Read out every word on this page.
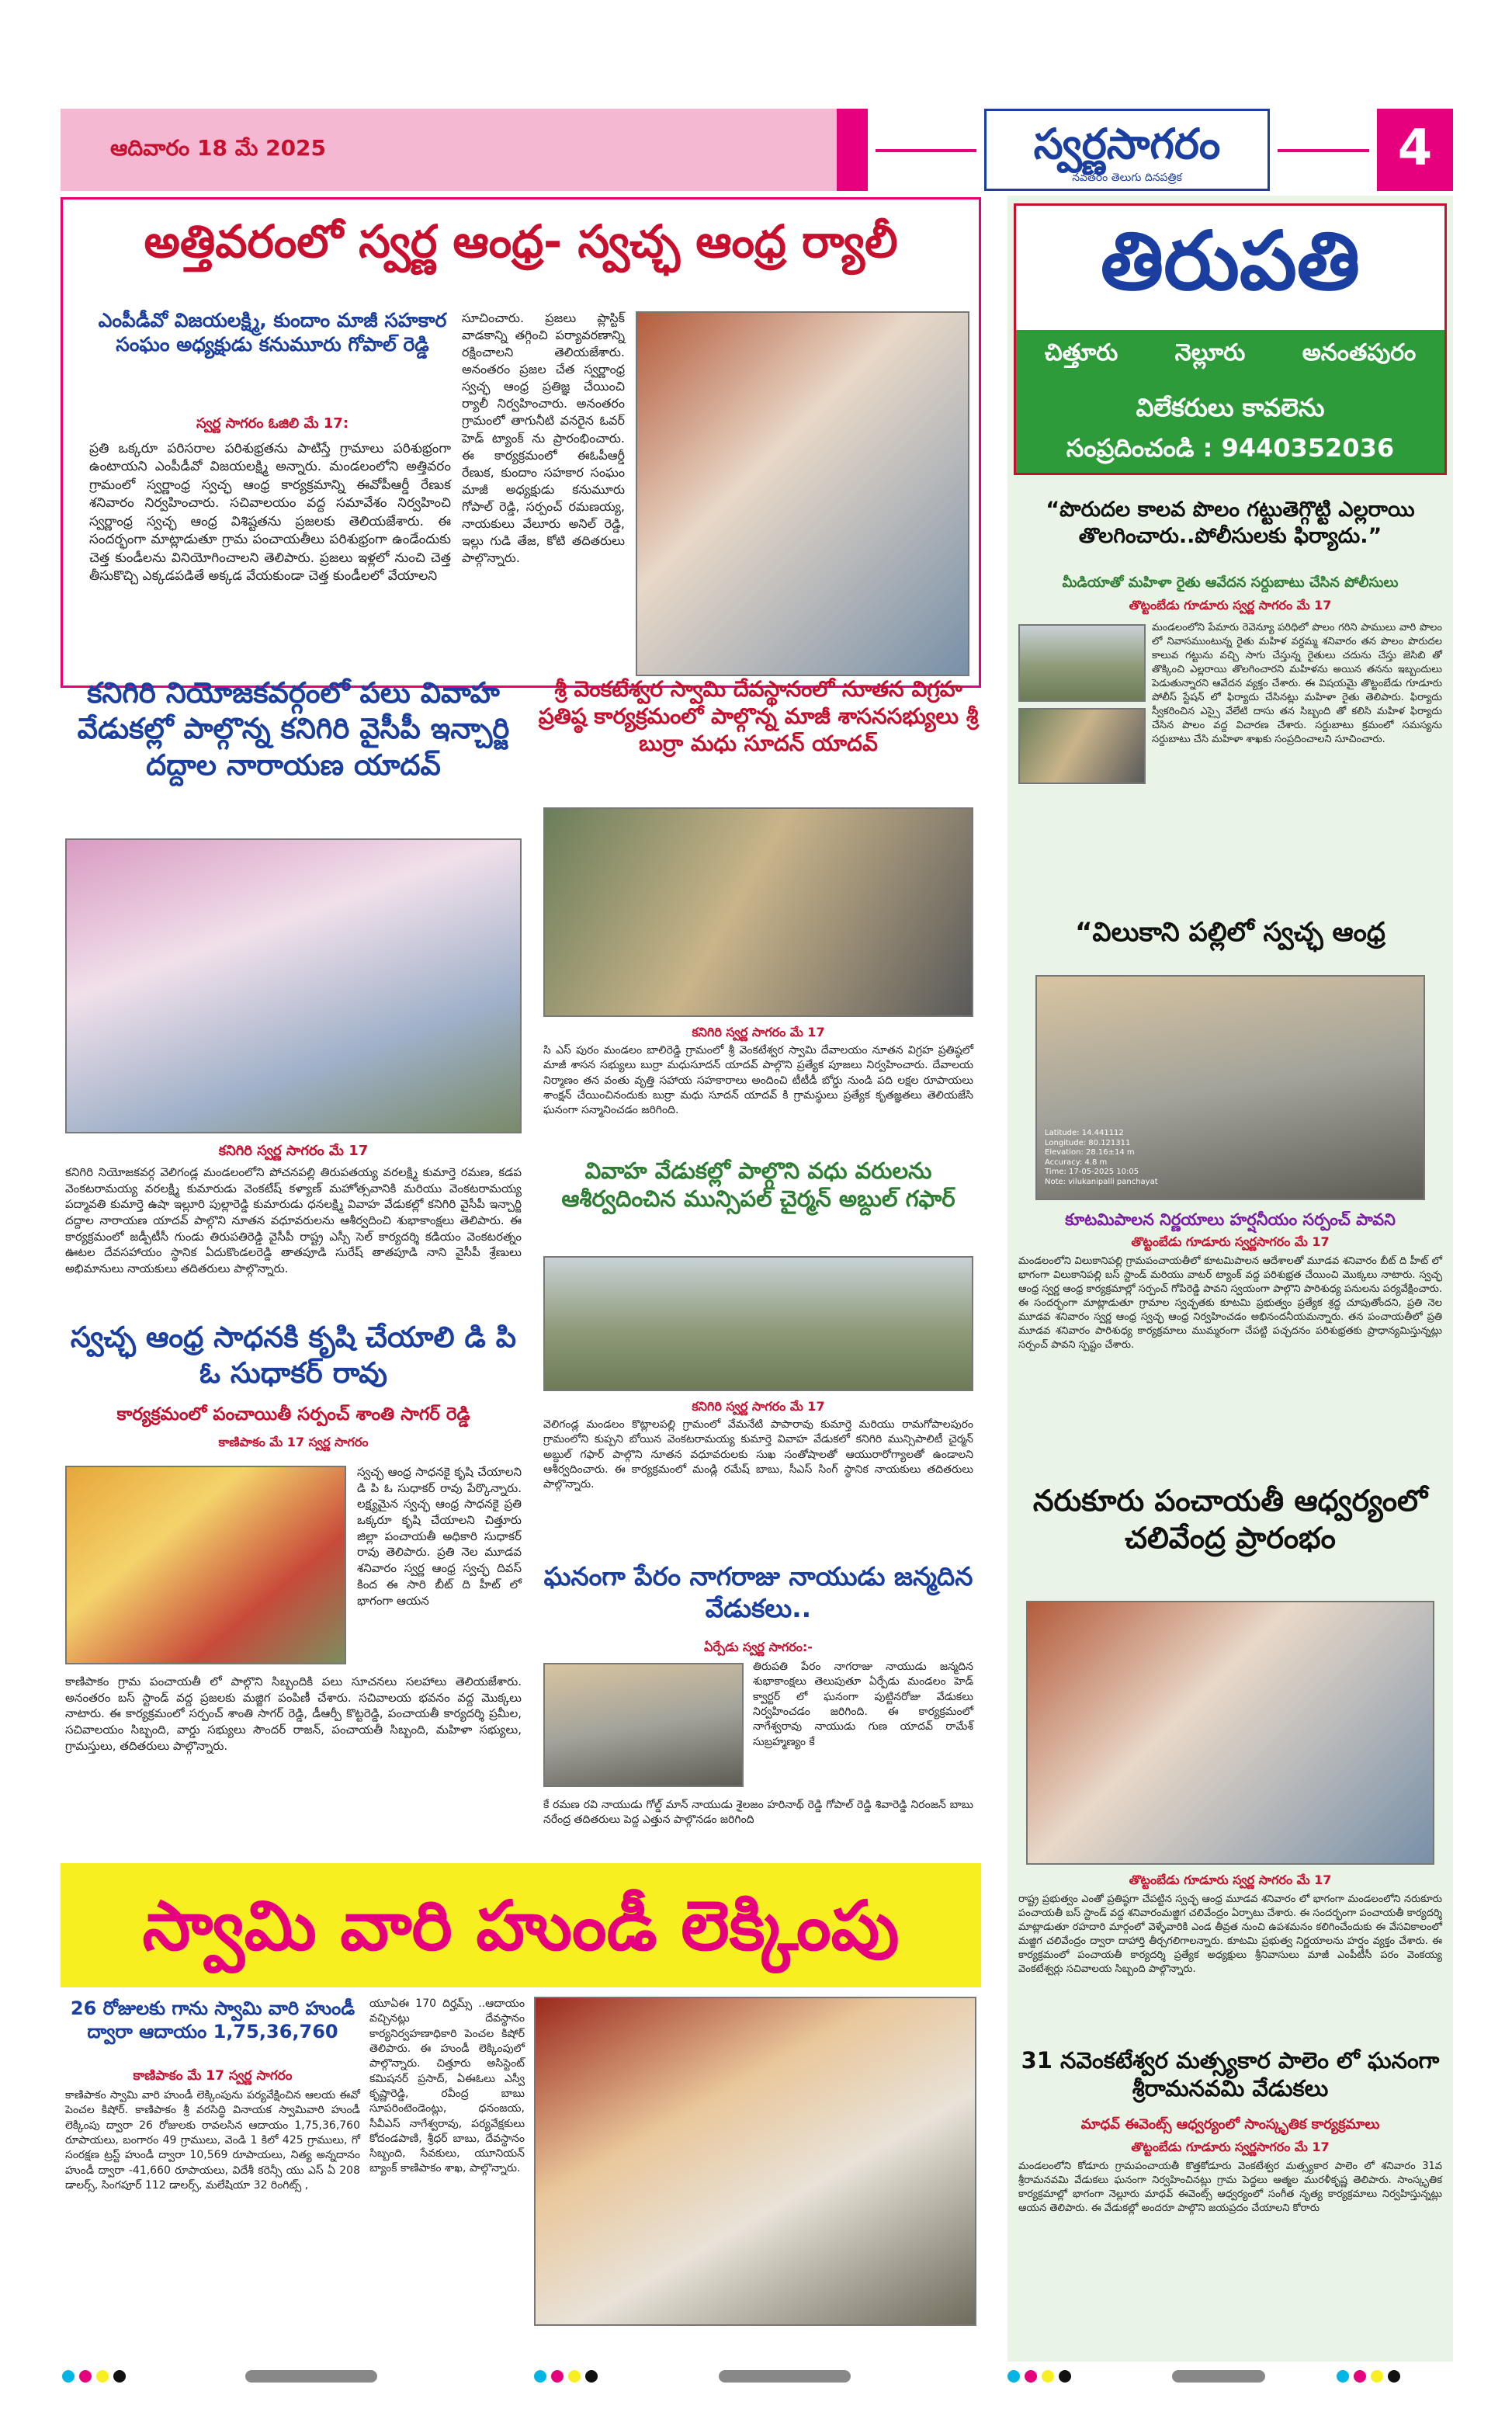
ఆదివారం 18 మే 2025	స్వర్ణసాగరం
నవతరం తెలుగు దినపత్రిక
4
అత్తివరంలో స్వర్ణ ఆంధ్ర- స్వచ్ఛ ఆంధ్ర ర్యాలీ
ఎంపీడీవో విజయలక్ష్మి, కుందాం మాజీ సహకార సంఘం అధ్యక్షుడు కనుమూరు గోపాల్ రెడ్డి
స్వర్ణ సాగరం ఓజిలి మే 17:
ప్రతి ఒక్కరూ పరిసరాల పరిశుభ్రతను పాటిస్తే గ్రామాలు పరిశుభ్రంగా ఉంటాయని ఎంపీడీవో విజయలక్ష్మి అన్నారు. మండలంలోని అత్తివరం గ్రామంలో స్వర్ణాంధ్ర స్వచ్ఛ ఆంధ్ర కార్యక్రమాన్ని ఈవోపీఆర్డీ రేణుక శనివారం నిర్వహించారు. సచివాలయం వద్ద సమావేశం నిర్వహించి స్వర్ణాంధ్ర స్వచ్ఛ ఆంధ్ర విశిష్టతను ప్రజలకు తెలియజేశారు. ఈ సందర్భంగా మాట్లాడుతూ గ్రామ పంచాయతీలు పరిశుభ్రంగా ఉండేందుకు చెత్త కుండీలను వినియోగించాలని తెలిపారు. ప్రజలు ఇళ్లలో నుంచి చెత్త తీసుకొచ్చి ఎక్కడపడితే అక్కడ వేయకుండా చెత్త కుండీలలో వేయాలని
సూచించారు. ప్రజలు ప్లాస్టిక్ వాడకాన్ని తగ్గించి పర్యావరణాన్ని రక్షించాలని తెలియజేశారు. అనంతరం ప్రజల చేత స్వర్ణాంధ్ర స్వచ్ఛ ఆంధ్ర ప్రతిజ్ఞ చేయించి ర్యాలీ నిర్వహించారు. అనంతరం గ్రామంలో తాగునీటి వనరైన ఓవర్ హెడ్ ట్యాంక్ ను ప్రారంభించారు. ఈ కార్యక్రమంలో ఈఓపీఆర్డీ రేణుక, కుందాం సహకార సంఘం మాజీ అధ్యక్షుడు కనుమూరు గోపాల్ రెడ్డి, సర్పంచ్ రమణయ్య, నాయకులు వేలూరు అనిల్ రెడ్డి, ఇల్లు గుడి తేజ, కోటి తదితరులు పాల్గొన్నారు.
కనిగిరి నియోజకవర్గంలో పలు వివాహ వేడుకల్లో పాల్గొన్న కనిగిరి వైసీపీ ఇన్చార్జి దద్దాల నారాయణ యాదవ్
కనిగిరి స్వర్ణ సాగరం మే 17
కనిగిరి నియోజకవర్గ వెలిగండ్ల మండలంలోని పోచనపల్లి తిరుపతయ్య వరలక్ష్మి కుమార్తె రమణ, కడప వెంకటరామయ్య వరలక్ష్మి కుమారుడు వెంకటేష్ కళ్యాణ్ మహోత్సవానికి మరియు వెంకటరామయ్య పద్మావతి కుమార్తె ఉషా ఇల్లూరి పుల్లారెడ్డి కుమారుడు ధనలక్ష్మి వివాహ వేడుకల్లో కనిగిరి వైసీపీ ఇన్చార్జి దద్దాల నారాయణ యాదవ్ పాల్గొని నూతన వధూవరులను ఆశీర్వదించి శుభాకాంక్షలు తెలిపారు. ఈ కార్యక్రమంలో జడ్పీటీసీ గుండు తిరుపతిరెడ్డి వైసీపీ రాష్ట్ర ఎస్సీ సెల్ కార్యదర్శి కడియం వెంకటరత్నం ఊటల దేవసహాయం స్థానిక ఏదుకొండలరెడ్డి తాతపూడి సురేష్ తాతపూడి నాని వైసీపీ శ్రేణులు అభిమానులు నాయకులు తదితరులు పాల్గొన్నారు.
స్వచ్ఛ ఆంధ్ర సాధనకి కృషి చేయాలి డి పి ఓ సుధాకర్ రావు
కార్యక్రమంలో పంచాయితీ సర్పంచ్ శాంతి సాగర్ రెడ్డి
కాణిపాకం మే 17 స్వర్ణ సాగరం
స్వచ్ఛ ఆంధ్ర సాధనకై కృషి చేయాలని డి పి ఓ సుధాకర్ రావు పేర్కొన్నారు. లక్ష్యమైన స్వచ్ఛ ఆంధ్ర సాధనకై ప్రతి ఒక్కరూ కృషి చేయాలని చిత్తూరు జిల్లా పంచాయతీ అధికారి సుధాకర్ రావు తెలిపారు. ప్రతి నెల మూడవ శనివారం స్వర్ణ ఆంధ్ర స్వచ్ఛ దివస్ కింద ఈ సారి బీట్ ది హీట్ లో భాగంగా ఆయన
కాణిపాకం గ్రామ పంచాయతీ లో పాల్గొని సిబ్బందికి పలు సూచనలు సలహాలు తెలియజేశారు. అనంతరం బస్ స్టాండ్ వద్ద ప్రజలకు మజ్జిగ పంపిణీ చేశారు. సచివాలయ భవనం వద్ద మొక్కలు నాటారు. ఈ కార్యక్రమంలో సర్పంచ్ శాంతి సాగర్ రెడ్డి, డీఆర్పీ కొట్టరెడ్డి, పంచాయతీ కార్యదర్శి ప్రమీల, సచివాలయం సిబ్బంది, వార్డు సభ్యులు సౌందర్ రాజన్, పంచాయతీ సిబ్బంది, మహిళా సభ్యులు, గ్రామస్తులు, తదితరులు పాల్గొన్నారు.
శ్రీ వెంకటేశ్వర స్వామి దేవస్థానంలో నూతన విగ్రహ ప్రతిష్ఠ కార్యక్రమంలో పాల్గొన్న మాజీ శాసనసభ్యులు శ్రీ బుర్రా మధు సూదన్ యాదవ్
కనిగిరి స్వర్ణ సాగరం మే 17
సి ఎస్ పురం మండలం బాలిరెడ్డి గ్రామంలో శ్రీ వెంకటేశ్వర స్వామి దేవాలయం నూతన విగ్రహ ప్రతిష్ఠలో మాజీ శాసన సభ్యులు బుర్రా మధుసూదన్ యాదవ్ పాల్గొని ప్రత్యేక పూజలు నిర్వహించారు. దేవాలయ నిర్మాణం తన వంతు వృత్తి సహాయ సహకారాలు అందించి టీటీడీ బోర్డు నుండి పది లక్షల రూపాయలు శాంక్షన్ చేయించినందుకు బుర్రా మధు సూదన్ యాదవ్ కి గ్రామస్థులు ప్రత్యేక కృతజ్ఞతలు తెలియజేసి ఘనంగా సన్మానించడం జరిగింది.
వివాహ వేడుకల్లో పాల్గొని వధు వరులను ఆశీర్వదించిన మున్సిపల్ చైర్మన్ అబ్దుల్ గఫార్
కనిగిరి స్వర్ణ సాగరం మే 17
వెలిగండ్ల మండలం కొట్లాలపల్లి గ్రామంలో వేమనేటి పాపారావు కుమార్తె మరియు రామగోపాలపురం గ్రామంలోని కుప్పని బోయిన వెంకటరామయ్య కుమార్తె వివాహ వేడుకలో కనిగిరి మున్సిపాలిటీ చైర్మన్ అబ్దుల్ గఫార్ పాల్గొని నూతన వధూవరులకు సుఖ సంతోషాలతో ఆయురారోగ్యాలతో ఉండాలని ఆశీర్వదించారు. ఈ కార్యక్రమంలో మండ్లి రమేష్ బాబు, సీఎస్ సింగ్ స్థానిక నాయకులు తదితరులు పాల్గొన్నారు.
ఘనంగా పేరం నాగరాజు నాయుడు జన్మదిన వేడుకలు..
ఏర్పేడు స్వర్ణ సాగరం:-
తిరుపతి పేరం నాగరాజు నాయుడు జన్మదిన శుభాకాంక్షలు తెలుపుతూ ఏర్పేడు మండలం హెడ్ క్వార్టర్ లో ఘనంగా పుట్టినరోజు వేడుకలు నిర్వహించడం జరిగింది. ఈ కార్యక్రమంలో నాగేశ్వరావు నాయుడు గుణ యాదవ్ రామేశ్ సుబ్రహ్మణ్యం కే
కే రమణ రవి నాయుడు గోల్డ్ మాన్ నాయుడు శైలజం హరినాథ్ రెడ్డి గోపాల్ రెడ్డి శివారెడ్డి నిరంజన్ బాబు నరేంద్ర తదితరులు పెద్ద ఎత్తున పాల్గొనడం జరిగింది
స్వామి వారి హుండీ లెక్కింపు
26 రోజులకు గాను స్వామి వారి హుండీ ద్వారా ఆదాయం 1,75,36,760
కాణిపాకం మే 17 స్వర్ణ సాగరం
కాణిపాకం స్వామి వారి హుండీ లెక్కింపును పర్యవేక్షించిన ఆలయ ఈవో పెంచల కిషోర్. కాణిపాకం శ్రీ వరసిద్ధి వినాయక స్వామివారి హుండీ లెక్కింపు ద్వారా 26 రోజులకు రావలసిన ఆదాయం 1,75,36,760 రూపాయలు, బంగారం 49 గ్రాములు, వెండి 1 కిలో 425 గ్రాములు, గో సంరక్షణ ట్రస్ట్ హుండీ ద్వారా 10,569 రూపాయలు, నిత్య అన్నదానం హుండీ ద్వారా -41,660 రూపాయలు, విదేశీ కరెన్సీ యు ఎస్ ఏ 208 డాలర్స్, సింగపూర్ 112 డాలర్స్, మలేషియా 32 రింగిట్స్ ,
యూఏఈ 170 దిర్హమ్స్ ..ఆదాయం వచ్చినట్లు దేవస్థానం కార్యనిర్వహణాధికారి పెంచల కిషోర్ తెలిపారు. ఈ హుండీ లెక్కింపులో పాల్గొన్నారు. చిత్తూరు అసిస్టెంట్ కమిషనర్ ప్రసాద్, ఏఈఓలు ఎస్వీ కృష్ణారెడ్డి, రవీంద్ర బాబు సూపరింటెండెంట్లు, ధనంజయ, సీవీఎస్ నాగేశ్వరావు, పర్యవేక్షకులు కోదండపాణి, శ్రీధర్ బాబు, దేవస్థానం సిబ్బంది, సేవకులు, యూనియన్ బ్యాంక్ కాణిపాకం శాఖ, పాల్గొన్నారు.
తిరుపతి
చిత్తూరు నెల్లూరు అనంతపురం
విలేకరులు కావలెను
సంప్రదించండి : 9440352036
“పొరుదల కాలవ పొలం గట్టుతెగ్గొట్టి ఎల్లరాయి తొలగించారు..పోలీసులకు ఫిర్యాదు.”
మీడియాతో మహిళా రైతు ఆవేదన సర్దుబాటు చేసిన పోలీసులు
తొట్టంబేడు గూడూరు స్వర్ణ సాగరం మే 17
మండలంలోని పేమారు రెవెన్యూ పరిధిలో పొలం గరిని పాములు వారి పొలం లో నివాసముంటున్న రైతు మహిళ వర్దమ్మ శనివారం తన పొలం పొరుదల కాలువ గట్టును వచ్చి సాగు చేస్తున్న రైతులు చదును చేస్తు జెసిబి తో తొక్కించి ఎల్లరాయి తొలగించారని మహిళను అయిన తనను ఇబ్బందులు పెడుతున్నారని ఆవేదన వ్యక్తం చేశారు. ఈ విషయమై తొట్టంబేడు గూడూరు పోలీస్ స్టేషన్ లో ఫిర్యాదు చేసినట్లు మహిళా రైతు తెలిపారు. ఫిర్యాదు స్వీకరించిన ఎస్సై వేలేటి దాసు తన సిబ్బంది తో కలిసి మహిళ ఫిర్యాదు చేసిన పొలం వద్ద విచారణ చేశారు. సర్దుబాటు క్రమంలో సమస్యను సర్దుబాటు చేసి మహిళా శాఖకు సంప్రదించాలని సూచించారు.
“విలుకాని పల్లిలో స్వచ్ఛ ఆంధ్ర
Latitude: 14.441112
Longitude: 80.121311
Elevation: 28.16±14 m
Accuracy: 4.8 m
Time: 17-05-2025 10:05
Note: vilukanipalli panchayat
కూటమిపాలన నిర్ణయాలు హర్షనీయం సర్పంచ్ పావని
తొట్టంబేడు గూడూరు స్వర్ణసాగరం మే 17
మండలంలోని విలుకానిపల్లి గ్రామపంచాయతీలో కూటమిపాలన ఆదేశాలతో మూడవ శనివారం బీట్ ది హీట్ లో భాగంగా విలుకానిపల్లి బస్ స్టాండ్ మరియు వాటర్ ట్యాంక్ వద్ద పరిశుభ్రత చేయించి మొక్కలు నాటారు. స్వచ్ఛ ఆంధ్ర స్వర్ణ ఆంధ్ర కార్యక్రమాల్లో సర్పంచ్ గోపిరెడ్డి పావని స్వయంగా పాల్గొని పారిశుధ్య పనులను పర్యవేక్షించారు. ఈ సందర్భంగా మాట్లాడుతూ గ్రామాల స్వచ్ఛతకు కూటమి ప్రభుత్వం ప్రత్యేక శ్రద్ధ చూపుతోందని, ప్రతి నెల మూడవ శనివారం స్వర్ణ ఆంధ్ర స్వచ్ఛ ఆంధ్ర నిర్వహించడం అభినందనీయమన్నారు. తన పంచాయతీలో ప్రతి మూడవ శనివారం పారిశుధ్య కార్యక్రమాలు ముమ్మరంగా చేపట్టి పచ్చదనం పరిశుభ్రతకు ప్రాధాన్యమిస్తున్నట్లు సర్పంచ్ పావని స్పష్టం చేశారు.
నరుకూరు పంచాయతీ ఆధ్వర్యంలో చలివేంద్ర ప్రారంభం
తొట్టంబేడు గూడూరు స్వర్ణ సాగరం మే 17
రాష్ట్ర ప్రభుత్వం ఎంతో ప్రతిష్ఠగా చేపట్టిన స్వచ్ఛ ఆంధ్ర మూడవ శనివారం లో భాగంగా మండలంలోని నరుకూరు పంచాయతీ బస్ స్టాండ్ వద్ద శనివారంమజ్జిగ చలివేంద్రం ఏర్పాటు చేశారు. ఈ సందర్భంగా పంచాయతీ కార్యదర్శి మాట్లాడుతూ రహదారి మార్గంలో వెళ్ళేవారికి ఎండ తీవ్రత నుంచి ఉపశమనం కలిగించేందుకు ఈ వేసవికాలంలో మజ్జిగ చలివేంద్రం ద్వారా దాహార్తి తీర్చగలిగాలన్నారు. కూటమి ప్రభుత్వ నిర్ణయాలను హర్షం వ్యక్తం చేశారు. ఈ కార్యక్రమంలో పంచాయతీ కార్యదర్శి ప్రత్యేక అధ్యక్షులు శ్రీనివాసులు మాజీ ఎంపీటీసీ పరం వెంకయ్య వెంకటేశ్వర్లు సచివాలయ సిబ్బంది పాల్గొన్నారు.
31 నవెంకటేశ్వర మత్స్యకార పాలెం లో ఘనంగా శ్రీరామనవమి వేడుకలు
మాధవ్ ఈవెంట్స్ ఆధ్వర్యంలో సాంస్కృతిక కార్యక్రమాలు
తొట్టంబేడు గూడూరు స్వర్ణసాగరం మే 17
మండలంలోని కోడూరు గ్రామపంచాయతీ కొత్తకోడూరు వెంకటేశ్వర మత్స్యకార పాలెం లో శనివారం 31వ శ్రీరామనవమి వేడుకలు ఘనంగా నిర్వహించినట్లు గ్రామ పెద్దలు ఆత్మల మురళీకృష్ణ తెలిపారు. సాంస్కృతిక కార్యక్రమాల్లో భాగంగా నెల్లూరు మాధవ్ ఈవెంట్స్ ఆధ్వర్యంలో సంగీత నృత్య కార్యక్రమాలు నిర్వహిస్తున్నట్లు ఆయన తెలిపారు. ఈ వేడుకల్లో అందరూ పాల్గొని జయప్రదం చేయాలని కోరారు
